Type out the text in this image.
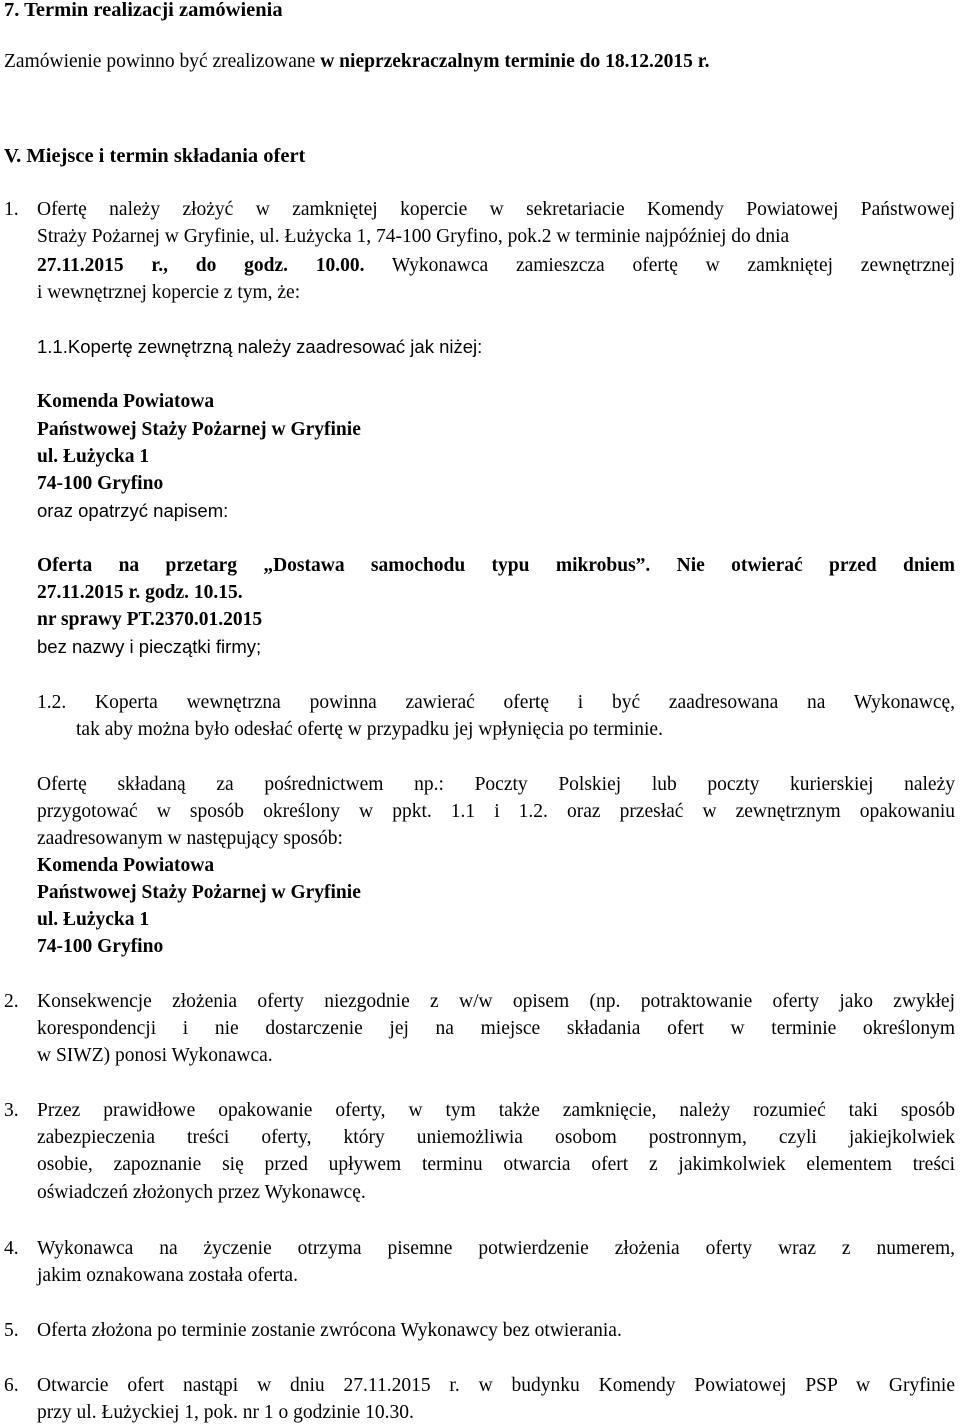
7. Termin realizacji zamówienia
Zamówienie powinno być zrealizowane w nieprzekraczalnym terminie do 18.12.2015 r.
V. Miejsce i termin składania ofert
1. Ofertę należy złożyć w zamkniętej kopercie w sekretariacie Komendy Powiatowej Państwowej
Straży Pożarnej w Gryfinie, ul. Łużycka 1, 74-100 Gryfino, pok.2 w terminie najpóźniej do dnia
27.11.2015 r., do godz. 10.00. Wykonawca zamieszcza ofertę w zamkniętej zewnętrznej
i wewnętrznej kopercie z tym, że:
1.1.Kopertę zewnętrzną należy zaadresować jak niżej:
Komenda Powiatowa
Państwowej Staży Pożarnej w Gryfinie
ul. Łużycka 1
74-100 Gryfino
oraz opatrzyć napisem:
Oferta na przetarg „Dostawa samochodu typu mikrobus”. Nie otwierać przed dniem
27.11.2015 r. godz. 10.15.
nr sprawy PT.2370.01.2015
bez nazwy i pieczątki firmy;
1.2. Koperta wewnętrzna powinna zawierać ofertę i być zaadresowana na Wykonawcę,
tak aby można było odesłać ofertę w przypadku jej wpłynięcia po terminie.
Ofertę składaną za pośrednictwem np.: Poczty Polskiej lub poczty kurierskiej należy
przygotować w sposób określony w ppkt. 1.1 i 1.2. oraz przesłać w zewnętrznym opakowaniu
zaadresowanym w następujący sposób:
Komenda Powiatowa
Państwowej Staży Pożarnej w Gryfinie
ul. Łużycka 1
74-100 Gryfino
2. Konsekwencje złożenia oferty niezgodnie z w/w opisem (np. potraktowanie oferty jako zwykłej
korespondencji i nie dostarczenie jej na miejsce składania ofert w terminie określonym
w SIWZ) ponosi Wykonawca.
3. Przez prawidłowe opakowanie oferty, w tym także zamknięcie, należy rozumieć taki sposób
zabezpieczenia treści oferty, który uniemożliwia osobom postronnym, czyli jakiejkolwiek
osobie, zapoznanie się przed upływem terminu otwarcia ofert z jakimkolwiek elementem treści
oświadczeń złożonych przez Wykonawcę.
4. Wykonawca na życzenie otrzyma pisemne potwierdzenie złożenia oferty wraz z numerem,
jakim oznakowana została oferta.
5. Oferta złożona po terminie zostanie zwrócona Wykonawcy bez otwierania.
6. Otwarcie ofert nastąpi w dniu 27.11.2015 r. w budynku Komendy Powiatowej PSP w Gryfinie
przy ul. Łużyckiej 1, pok. nr 1 o godzinie 10.30.
